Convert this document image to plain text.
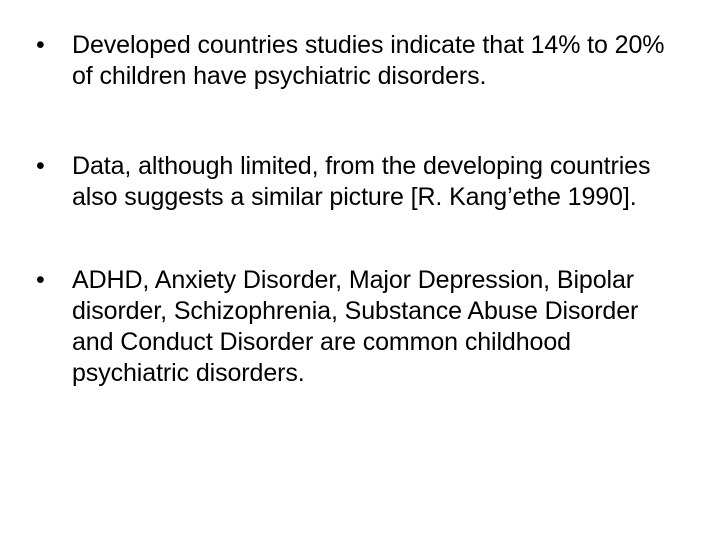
•	Developed countries studies indicate that 14% to 20% of children have psychiatric disorders.
•	Data, although limited, from the developing countries also suggests a similar picture [R. Kang’ethe 1990].
•	ADHD, Anxiety Disorder, Major Depression, Bipolar disorder, Schizophrenia, Substance Abuse Disorder and Conduct Disorder are common childhood psychiatric disorders.
